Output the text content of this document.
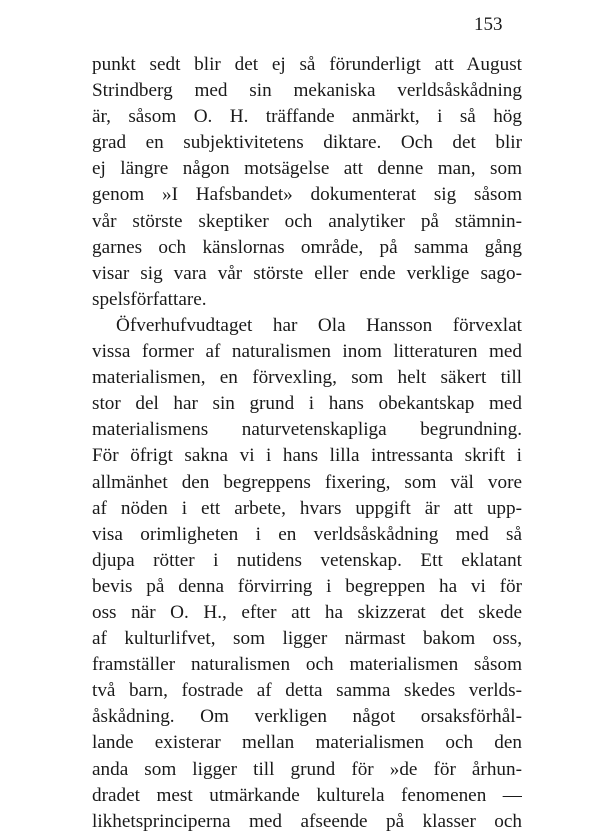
153
punkt sedt blir det ej så förunderligt att August
Strindberg med sin mekaniska verldsåskådning
är, såsom O. H. träffande anmärkt, i så hög
grad en subjektivitetens diktare. Och det blir
ej längre någon motsägelse att denne man, som
genom »I Hafsbandet» dokumenterat sig såsom
vår störste skeptiker och analytiker på stämnin-
garnes och känslornas område, på samma gång
visar sig vara vår störste eller ende verklige sago-
spelsförfattare.
Öfverhufvudtaget har Ola Hansson förvexlat
vissa former af naturalismen inom litteraturen med
materialismen, en förvexling, som helt säkert till
stor del har sin grund i hans obekantskap med
materialismens naturvetenskapliga begrundning.
För öfrigt sakna vi i hans lilla intressanta skrift i
allmänhet den begreppens fixering, som väl vore
af nöden i ett arbete, hvars uppgift är att upp-
visa orimligheten i en verldsåskådning med så
djupa rötter i nutidens vetenskap. Ett eklatant
bevis på denna förvirring i begreppen ha vi för
oss när O. H., efter att ha skizzerat det skede
af kulturlifvet, som ligger närmast bakom oss,
framställer naturalismen och materialismen såsom
två barn, fostrade af detta samma skedes verlds-
åskådning. Om verkligen något orsaksförhål-
lande existerar mellan materialismen och den
anda som ligger till grund för »de för århun-
dradet mest utmärkande kulturela fenomenen —
likhetsprinciperna med afseende på klasser och
